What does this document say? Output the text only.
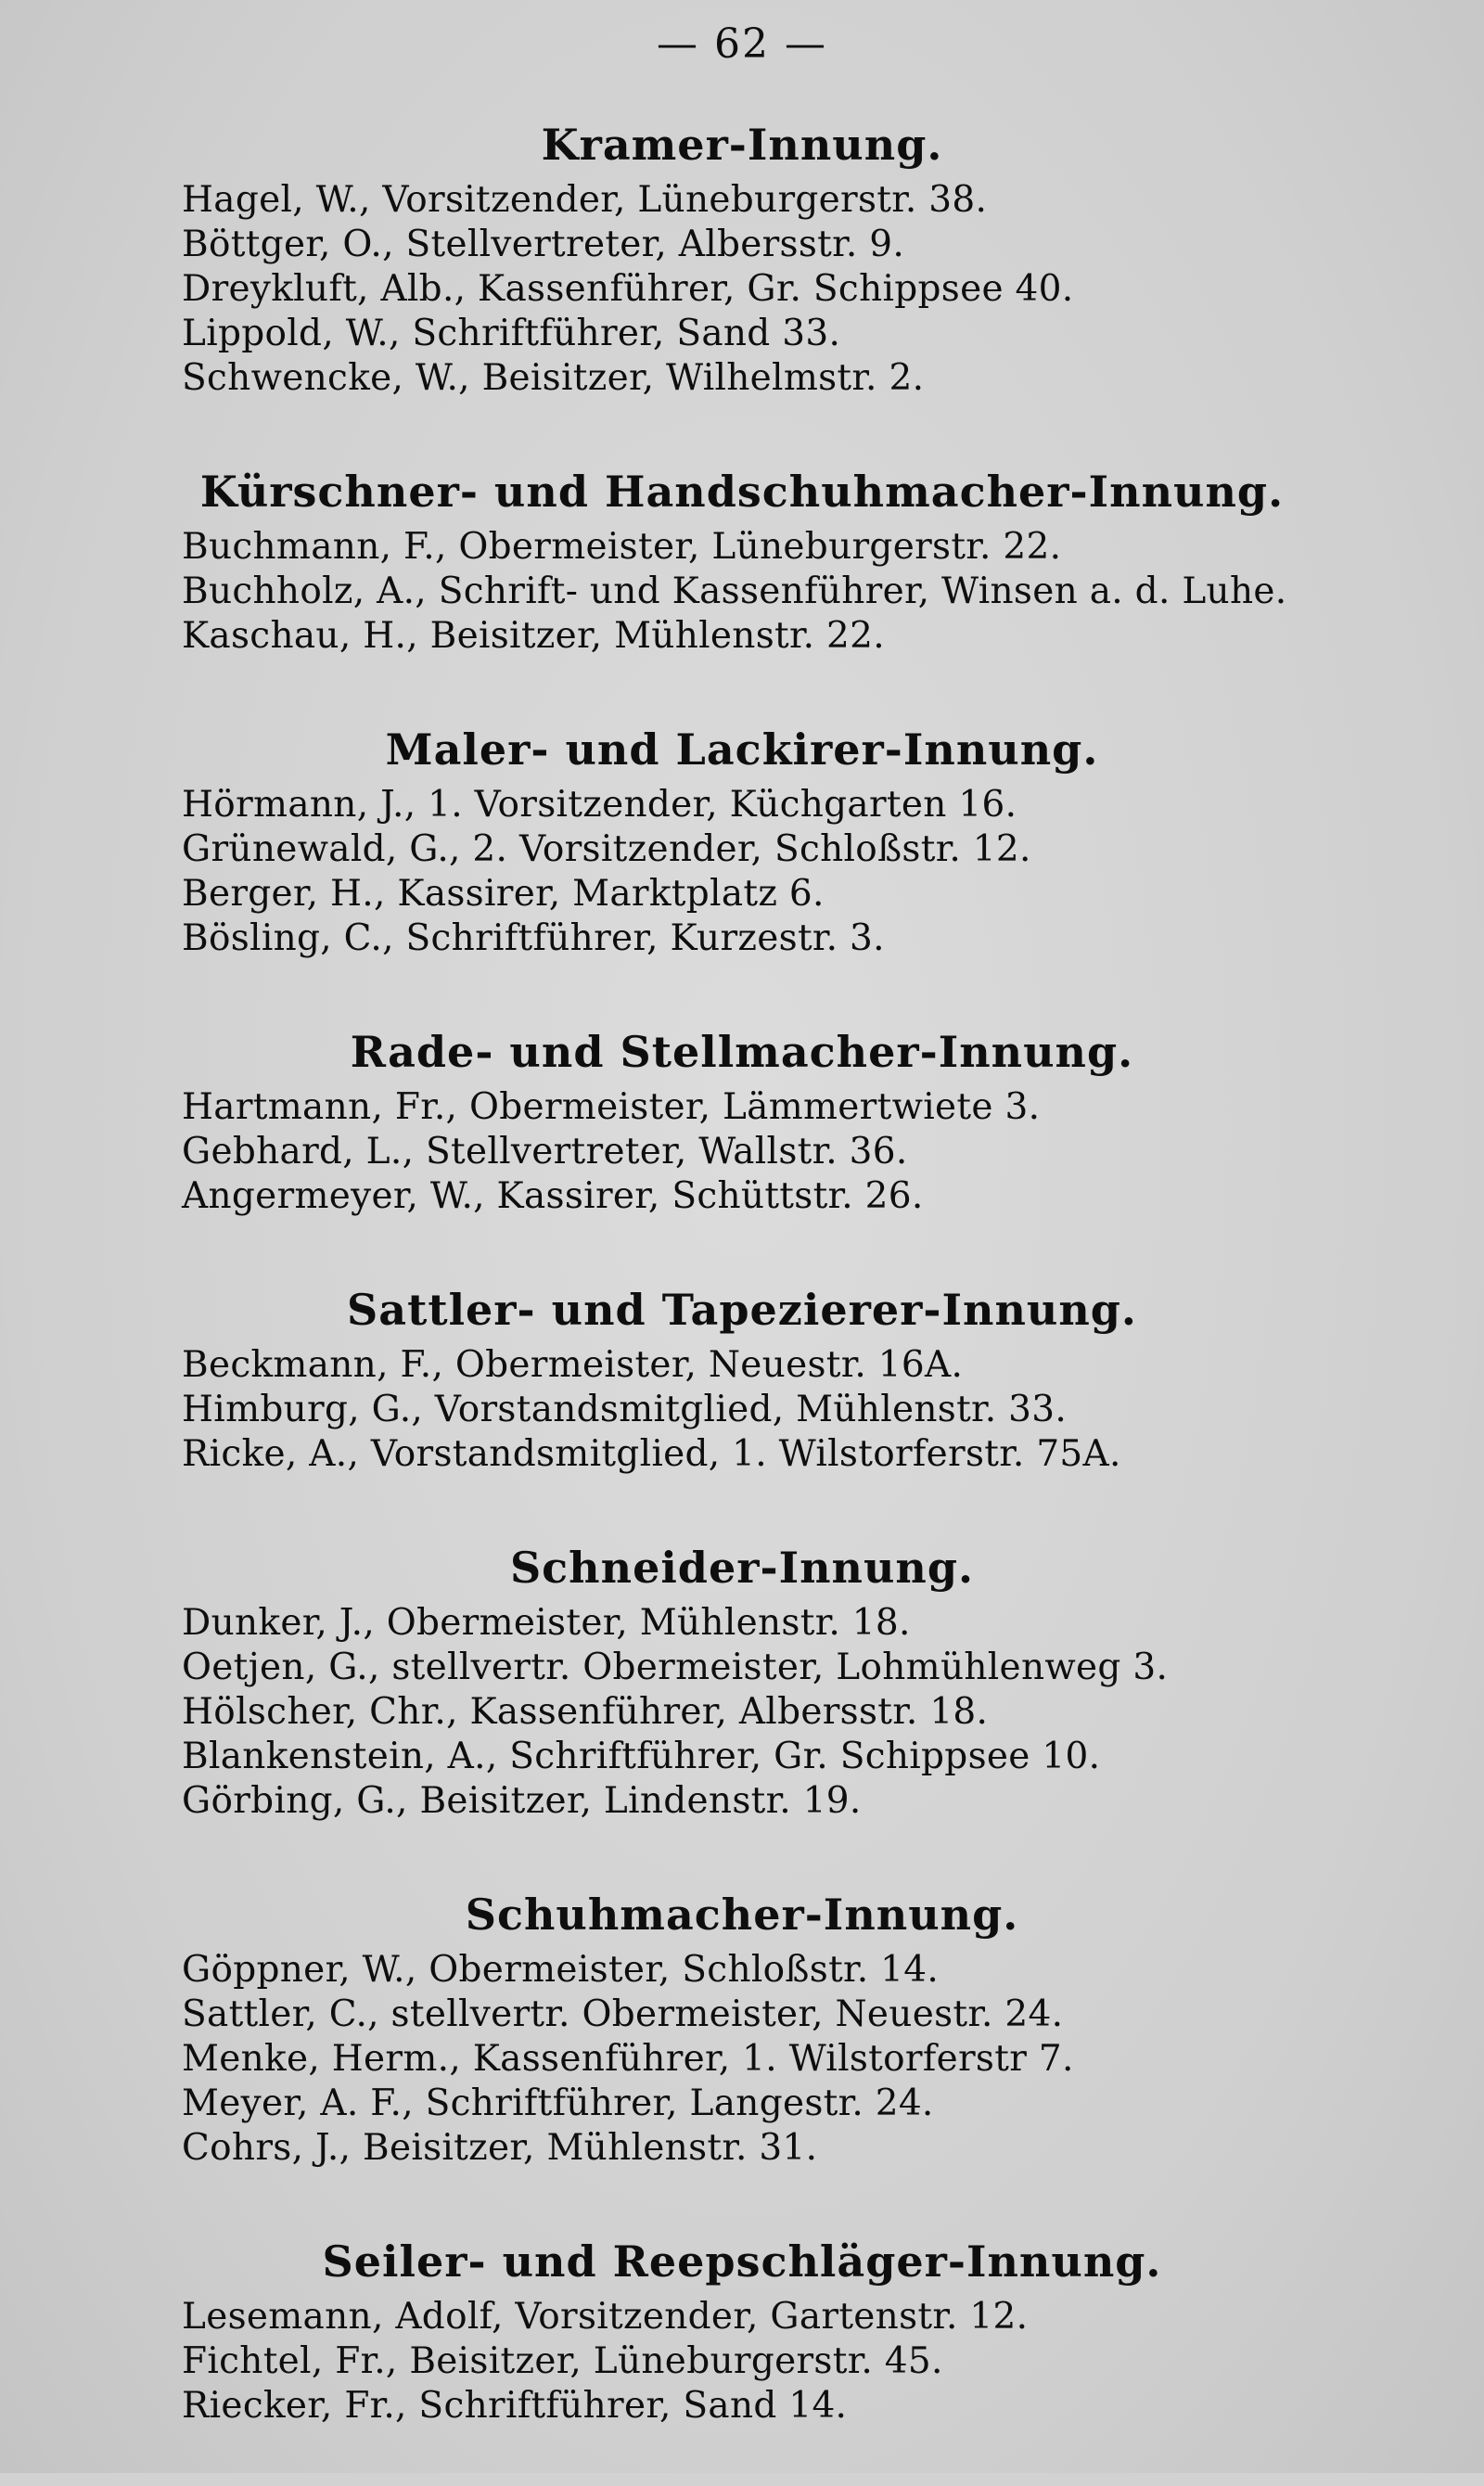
— 62 —
Kramer-Innung.
Hagel, W., Vorsitzender, Lüneburgerstr. 38.
Böttger, O., Stellvertreter, Albersstr. 9.
Dreykluft, Alb., Kassenführer, Gr. Schippsee 40.
Lippold, W., Schriftführer, Sand 33.
Schwencke, W., Beisitzer, Wilhelmstr. 2.
Kürschner- und Handschuhmacher-Innung.
Buchmann, F., Obermeister, Lüneburgerstr. 22.
Buchholz, A., Schrift- und Kassenführer, Winsen a. d. Luhe.
Kaschau, H., Beisitzer, Mühlenstr. 22.
Maler- und Lackirer-Innung.
Hörmann, J., 1. Vorsitzender, Küchgarten 16.
Grünewald, G., 2. Vorsitzender, Schloßstr. 12.
Berger, H., Kassirer, Marktplatz 6.
Bösling, C., Schriftführer, Kurzestr. 3.
Rade- und Stellmacher-Innung.
Hartmann, Fr., Obermeister, Lämmertwiete 3.
Gebhard, L., Stellvertreter, Wallstr. 36.
Angermeyer, W., Kassirer, Schüttstr. 26.
Sattler- und Tapezierer-Innung.
Beckmann, F., Obermeister, Neuestr. 16A.
Himburg, G., Vorstandsmitglied, Mühlenstr. 33.
Ricke, A., Vorstandsmitglied, 1. Wilstorferstr. 75A.
Schneider-Innung.
Dunker, J., Obermeister, Mühlenstr. 18.
Oetjen, G., stellvertr. Obermeister, Lohmühlenweg 3.
Hölscher, Chr., Kassenführer, Albersstr. 18.
Blankenstein, A., Schriftführer, Gr. Schippsee 10.
Görbing, G., Beisitzer, Lindenstr. 19.
Schuhmacher-Innung.
Göppner, W., Obermeister, Schloßstr. 14.
Sattler, C., stellvertr. Obermeister, Neuestr. 24.
Menke, Herm., Kassenführer, 1. Wilstorferstr 7.
Meyer, A. F., Schriftführer, Langestr. 24.
Cohrs, J., Beisitzer, Mühlenstr. 31.
Seiler- und Reepschläger-Innung.
Lesemann, Adolf, Vorsitzender, Gartenstr. 12.
Fichtel, Fr., Beisitzer, Lüneburgerstr. 45.
Riecker, Fr., Schriftführer, Sand 14.
